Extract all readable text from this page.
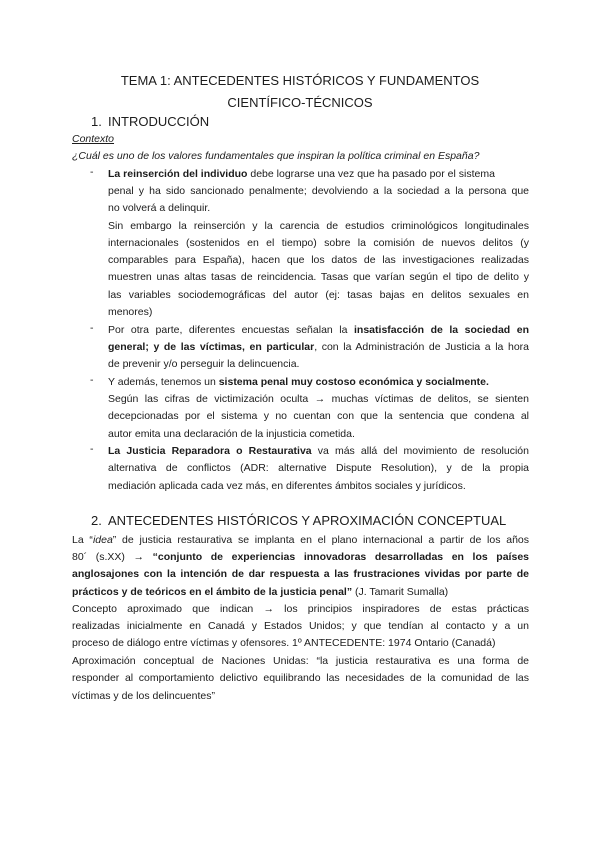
TEMA 1: ANTECEDENTES HISTÓRICOS Y FUNDAMENTOS
CIENTÍFICO-TÉCNICOS
1. INTRODUCCIÓN
Contexto
¿Cuál es uno de los valores fundamentales que inspiran la política criminal en España?
- La reinserción del individuo debe lograrse una vez que ha pasado por el sistema
penal y ha sido sancionado penalmente; devolviendo a la sociedad a la persona que
no volverá a delinquir.
Sin embargo la reinserción y la carencia de estudios criminológicos longitudinales
internacionales (sostenidos en el tiempo) sobre la comisión de nuevos delitos (y
comparables para España), hacen que los datos de las investigaciones realizadas
muestren unas altas tasas de reincidencia. Tasas que varían según el tipo de delito y
las variables sociodemográficas del autor (ej: tasas bajas en delitos sexuales en
menores)
- Por otra parte, diferentes encuestas señalan la insatisfacción de la sociedad en
general; y de las víctimas, en particular, con la Administración de Justicia a la hora
de prevenir y/o perseguir la delincuencia.
- Y además, tenemos un sistema penal muy costoso económica y socialmente.
Según las cifras de victimización oculta → muchas víctimas de delitos, se sienten
decepcionadas por el sistema y no cuentan con que la sentencia que condena al
autor emita una declaración de la injusticia cometida.
- La Justicia Reparadora o Restaurativa va más allá del movimiento de resolución
alternativa de conflictos (ADR: alternative Dispute Resolution), y de la propia
mediación aplicada cada vez más, en diferentes ámbitos sociales y jurídicos.
2. ANTECEDENTES HISTÓRICOS Y APROXIMACIÓN CONCEPTUAL
La “idea” de justicia restaurativa se implanta en el plano internacional a partir de los años
80´ (s.XX) → “conjunto de experiencias innovadoras desarrolladas en los países
anglosajones con la intención de dar respuesta a las frustraciones vividas por parte de
prácticos y de teóricos en el ámbito de la justicia penal” (J. Tamarit Sumalla)
Concepto aproximado que indican → los principios inspiradores de estas prácticas
realizadas inicialmente en Canadá y Estados Unidos; y que tendían al contacto y a un
proceso de diálogo entre víctimas y ofensores. 1º ANTECEDENTE: 1974 Ontario (Canadá)
Aproximación conceptual de Naciones Unidas: “la justicia restaurativa es una forma de
responder al comportamiento delictivo equilibrando las necesidades de la comunidad de las
víctimas y de los delincuentes”
